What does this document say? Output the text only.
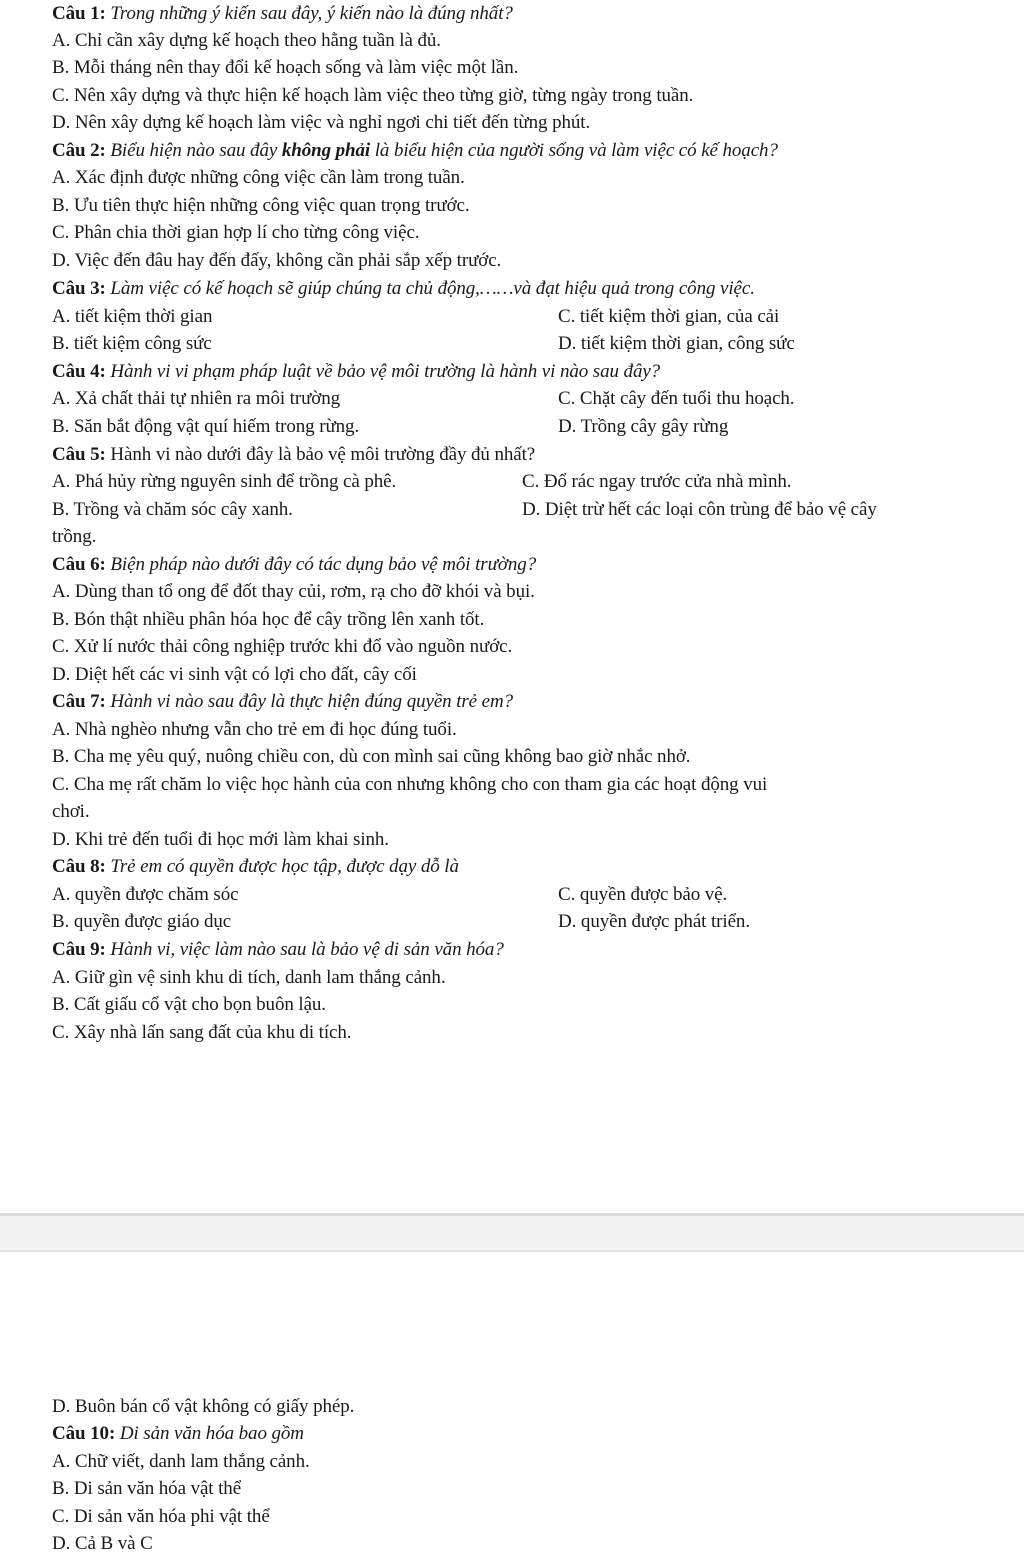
Câu 1: Trong những ý kiến sau đây, ý kiến nào là đúng nhất?
A. Chỉ cần xây dựng kế hoạch theo hằng tuần là đủ.
B. Mỗi tháng nên thay đổi kế hoạch sống và làm việc một lần.
C. Nên xây dựng và thực hiện kế hoạch làm việc theo từng giờ, từng ngày trong tuần.
D. Nên xây dựng kế hoạch làm việc và nghỉ ngơi chi tiết đến từng phút.
Câu 2: Biểu hiện nào sau đây không phải là biểu hiện của người sống và làm việc có kế hoạch?
A. Xác định được những công việc cần làm trong tuần.
B. Ưu tiên thực hiện những công việc quan trọng trước.
C. Phân chia thời gian hợp lí cho từng công việc.
D. Việc đến đâu hay đến đấy, không cần phải sắp xếp trước.
Câu 3: Làm việc có kế hoạch sẽ giúp chúng ta chủ động,……và đạt hiệu quả trong công việc.
A. tiết kiệm thời gian	C. tiết kiệm thời gian, của cải
B. tiết kiệm công sức	D. tiết kiệm thời gian, công sức
Câu 4: Hành vi vi phạm pháp luật về bảo vệ môi trường là hành vi nào sau đây?
A. Xả chất thải tự nhiên ra môi trường	C. Chặt cây đến tuổi thu hoạch.
B. Săn bắt động vật quí hiếm trong rừng.	D. Trồng cây gây rừng
Câu 5: Hành vi nào dưới đây là bảo vệ môi trường đầy đủ nhất?
A. Phá hủy rừng nguyên sinh để trồng cà phê.	C. Đổ rác ngay trước cửa nhà mình.
B. Trồng và chăm sóc cây xanh.	D. Diệt trừ hết các loại côn trùng để bảo vệ cây
trồng.
Câu 6: Biện pháp nào dưới đây có tác dụng bảo vệ môi trường?
A. Dùng than tổ ong để đốt thay củi, rơm, rạ cho đỡ khói và bụi.
B. Bón thật nhiều phân hóa học để cây trồng lên xanh tốt.
C. Xử lí nước thải công nghiệp trước khi đổ vào nguồn nước.
D. Diệt hết các vi sinh vật có lợi cho đất, cây cối
Câu 7: Hành vi nào sau đây là thực hiện đúng quyền trẻ em?
A. Nhà nghèo nhưng vẫn cho trẻ em đi học đúng tuổi.
B. Cha mẹ yêu quý, nuông chiều con, dù con mình sai cũng không bao giờ nhắc nhở.
C. Cha mẹ rất chăm lo việc học hành của con nhưng không cho con tham gia các hoạt động vui
chơi.
D. Khi trẻ đến tuổi đi học mới làm khai sinh.
Câu 8: Trẻ em có quyền được học tập, được dạy dỗ là
A. quyền được chăm sóc	C. quyền được bảo vệ.
B. quyền được giáo dục	D. quyền được phát triển.
Câu 9: Hành vi, việc làm nào sau là bảo vệ di sản văn hóa?
A. Giữ gìn vệ sinh khu di tích, danh lam thắng cảnh.
B. Cất giấu cổ vật cho bọn buôn lậu.
C. Xây nhà lấn sang đất của khu di tích.
D. Buôn bán cổ vật không có giấy phép.
Câu 10: Di sản văn hóa bao gồm
A. Chữ viết, danh lam thắng cảnh.
B. Di sản văn hóa vật thể
C. Di sản văn hóa phi vật thể
D. Cả B và C
